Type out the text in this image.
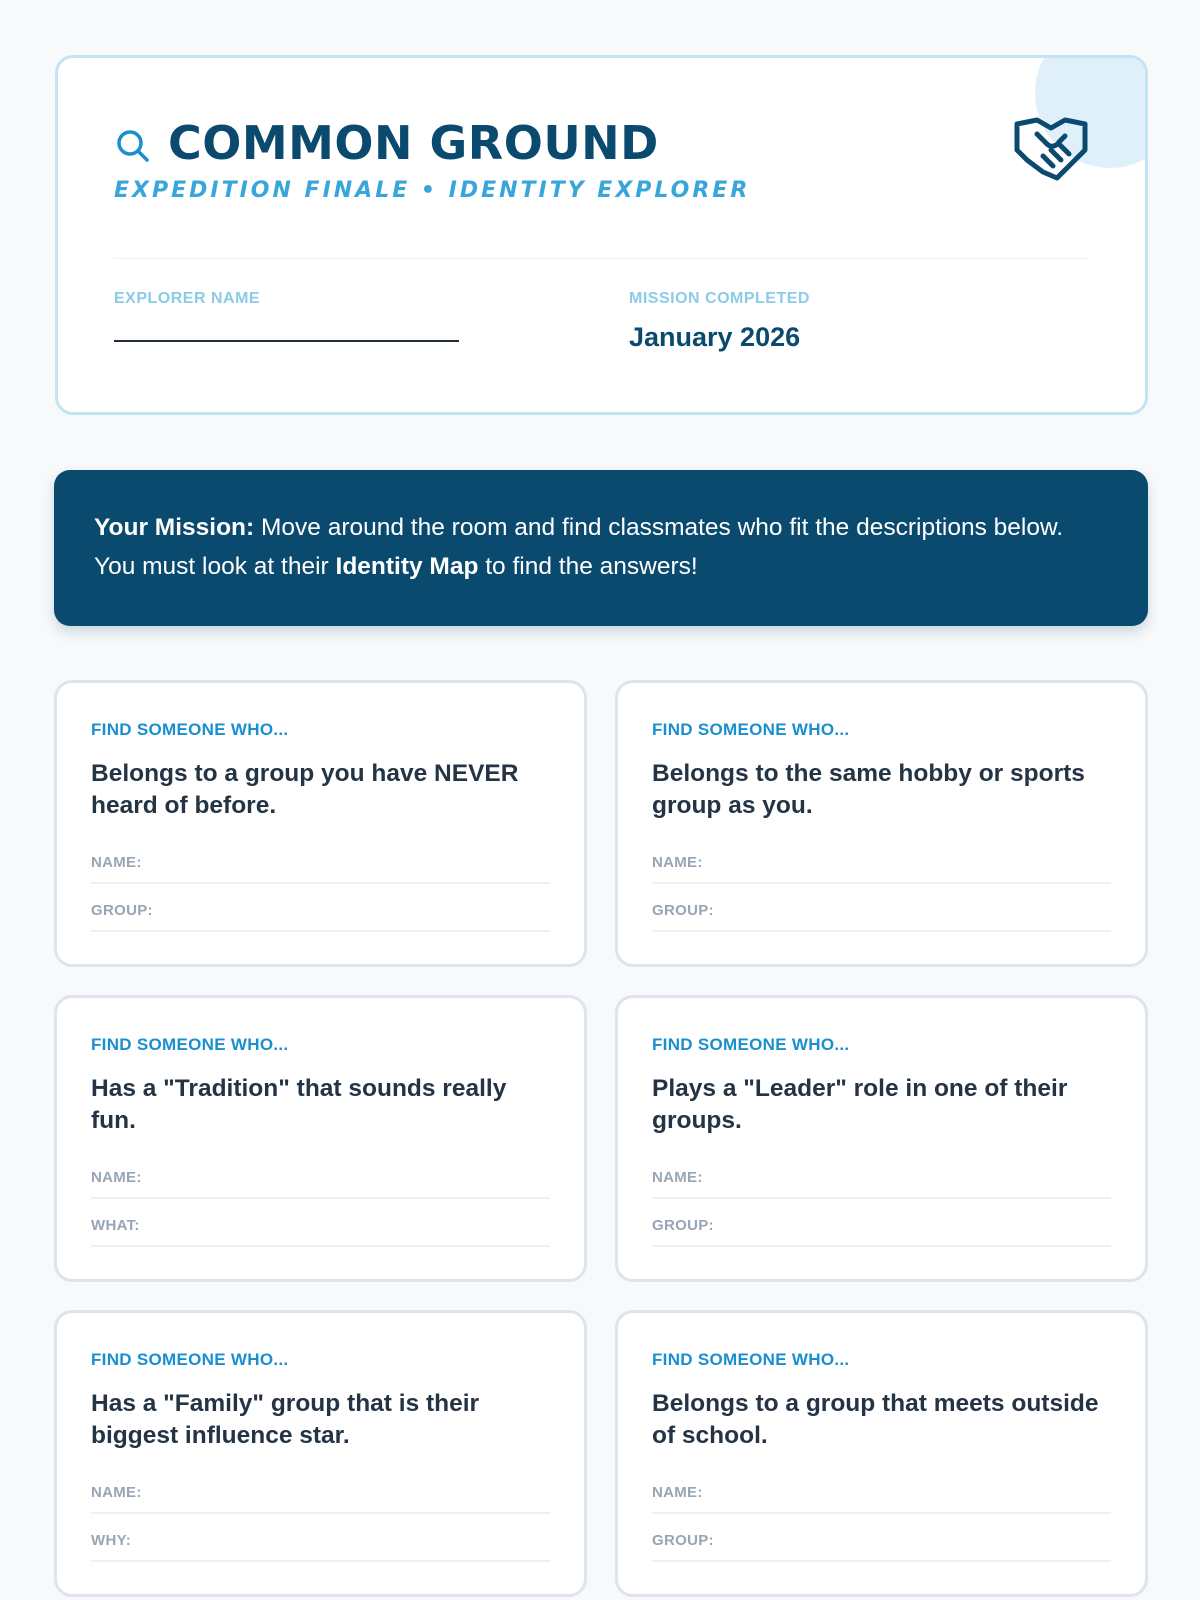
COMMON GROUND
EXPEDITION FINALE • IDENTITY EXPLORER
EXPLORER NAME	MISSION COMPLETED
January 2026
Your Mission: Move around the room and find classmates who fit the descriptions below. You must look at their Identity Map to find the answers!
FIND SOMEONE WHO...
Belongs to a group you have NEVER heard of before.
NAME:
GROUP:
FIND SOMEONE WHO...
Belongs to the same hobby or sports group as you.
NAME:
GROUP:
FIND SOMEONE WHO...
Has a "Tradition" that sounds really fun.
NAME:
WHAT:
FIND SOMEONE WHO...
Plays a "Leader" role in one of their groups.
NAME:
GROUP:
FIND SOMEONE WHO...
Has a "Family" group that is their biggest influence star.
NAME:
WHY:
FIND SOMEONE WHO...
Belongs to a group that meets outside of school.
NAME:
GROUP:
